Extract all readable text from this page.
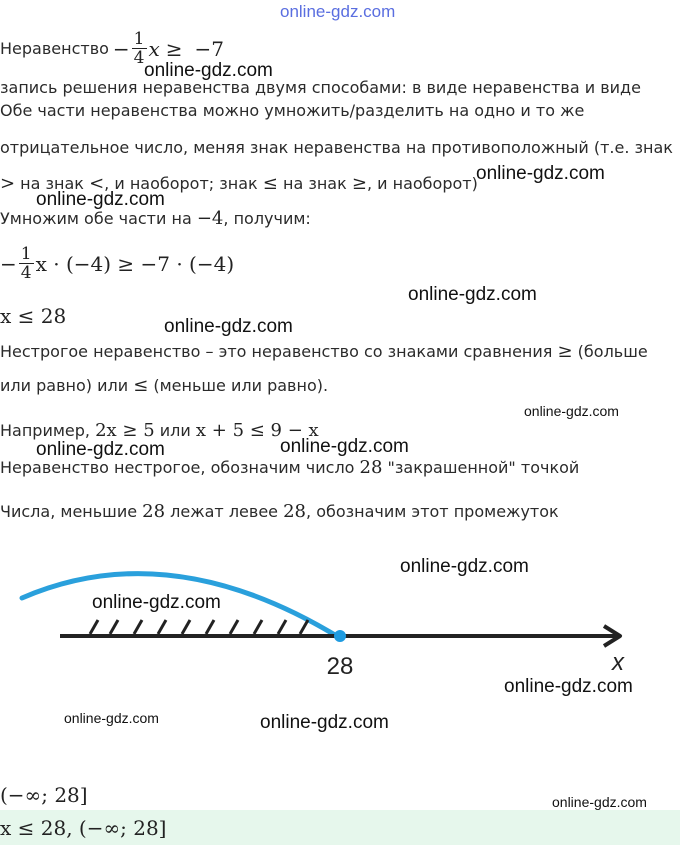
online-gdz.com
Неравенство − $\frac{1}{4}$ x ≥ −7
online-gdz.com
запись решения неравенства двумя способами: в виде неравенства и виде
Обе части неравенства можно умножить/разделить на одно и то же
отрицательное число, меняя знак неравенства на противоположный (т.е. знак
> на знак <, и наоборот; знак ≤ на знак ≥, и наоборот)
online-gdz.com
online-gdz.com
Умножим обе части на −4, получим:
− $\frac{1}{4}$ x · (−4) ≥ −7 · (−4)
online-gdz.com
x ≤ 28	online-gdz.com
Нестрогое неравенство – это неравенство со знаками сравнения ≥ (больше
или равно) или ≤ (меньше или равно).
online-gdz.com
Например, 2x ≥ 5 или x + 5 ≤ 9 − x
online-gdz.com	online-gdz.com
Неравенство нестрогое, обозначим число 28 "закрашенной" точкой
Числа, меньшие 28 лежат левее 28, обозначим этот промежуток
28	x
online-gdz.com
online-gdz.com
online-gdz.com
online-gdz.com	online-gdz.com
(−∞; 28]	online-gdz.com
x ≤ 28, (−∞; 28]
